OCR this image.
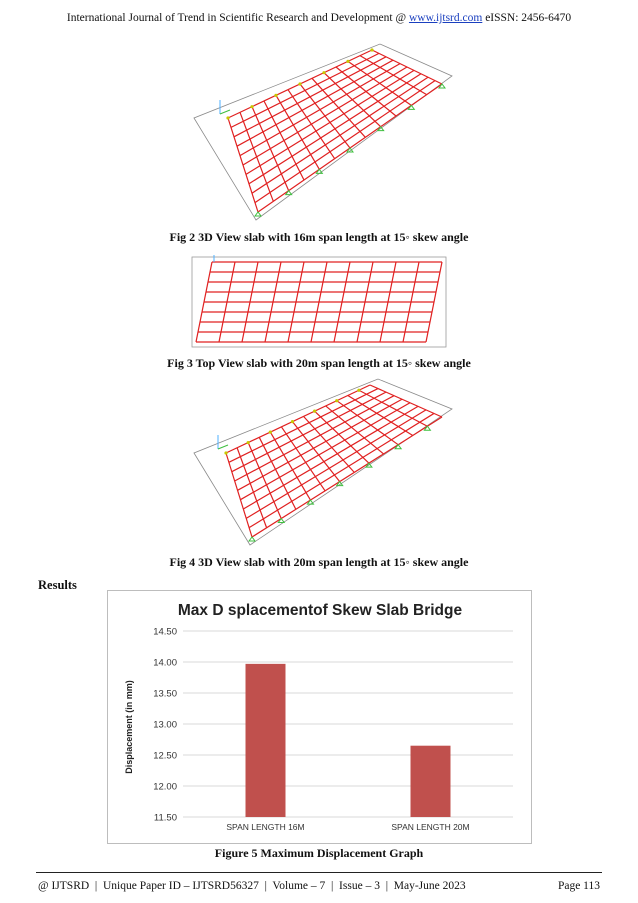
International Journal of Trend in Scientific Research and Development @ www.ijtsrd.com eISSN: 2456-6470
Fig 2 3D View slab with 16m span length at 15◦ skew angle
Fig 3 Top View slab with 20m span length at 15◦ skew angle
Fig 4 3D View slab with 20m span length at 15◦ skew angle
Results
Max D splacementof Skew Slab Bridge
Displacement (in mm)
11.50
12.00
12.50
13.00
13.50
14.00
14.50
SPAN LENGTH 16M	SPAN LENGTH 20M
Figure 5 Maximum Displacement Graph
@ IJTSRD  |  Unique Paper ID – IJTSRD56327  |  Volume – 7  |  Issue – 3  |  May-June 2023	Page 113
